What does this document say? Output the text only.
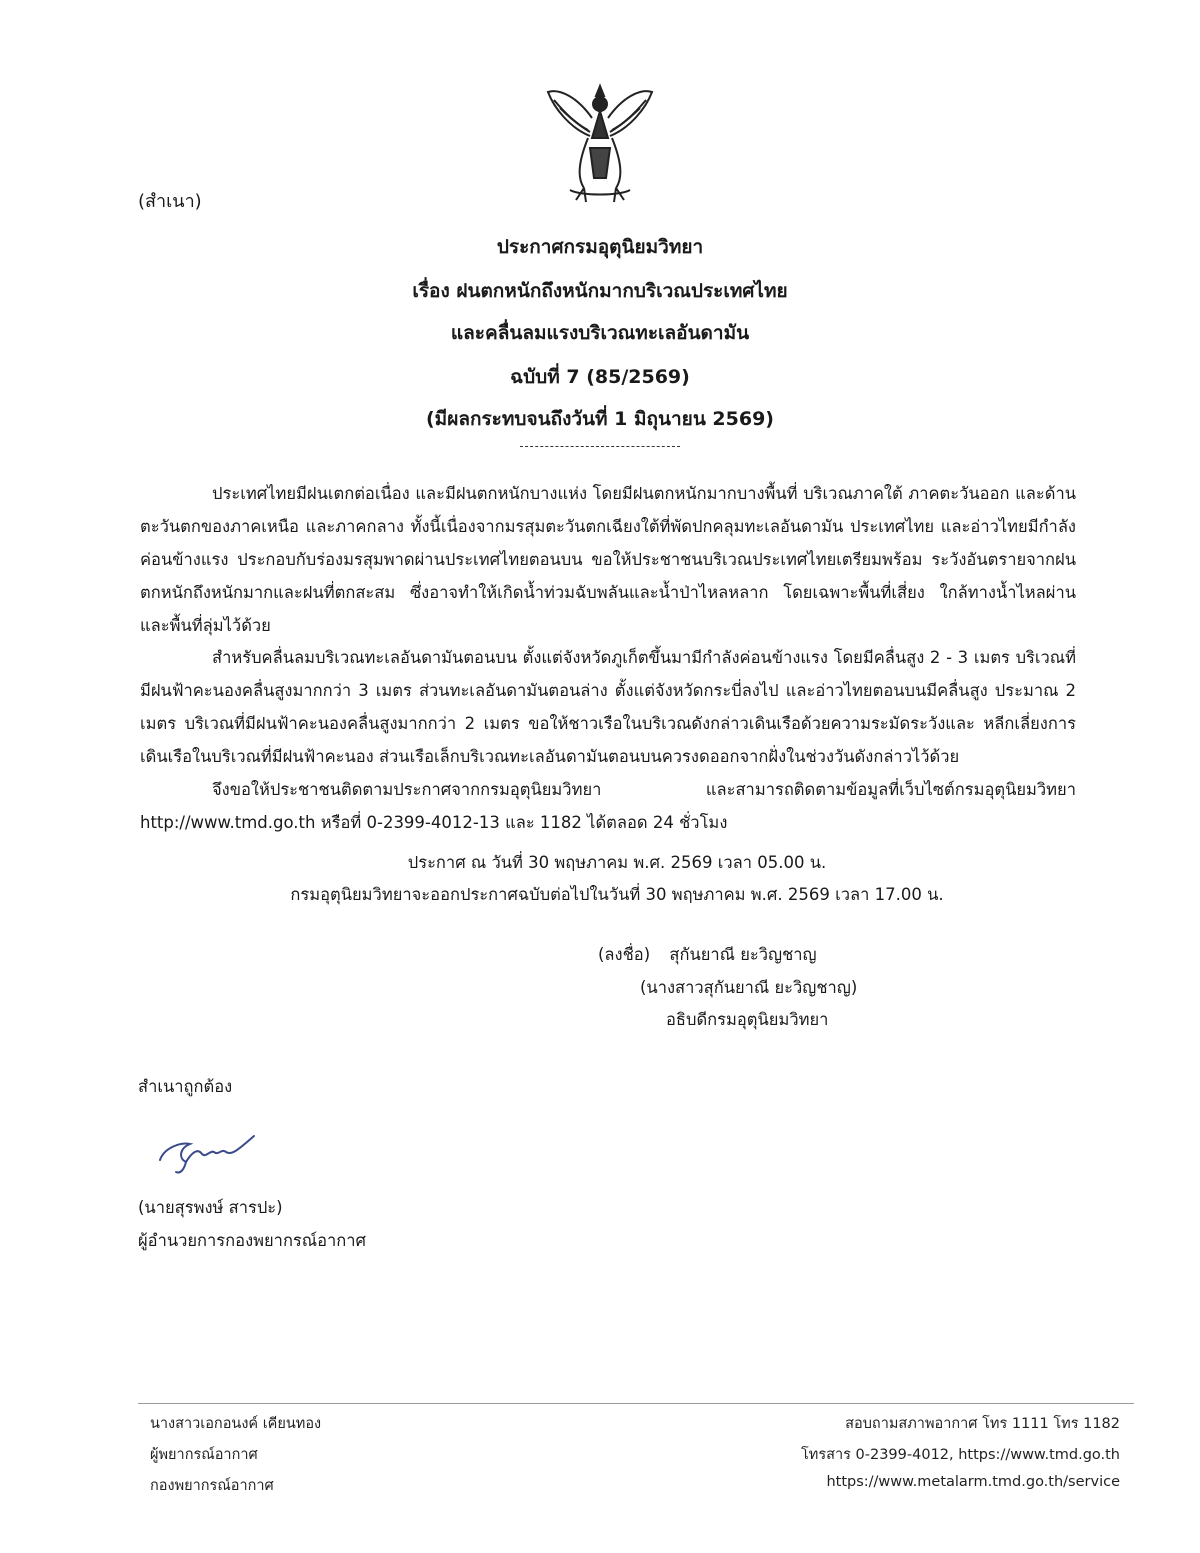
(สำเนา)
ประกาศกรมอุตุนิยมวิทยา
เรื่อง ฝนตกหนักถึงหนักมากบริเวณประเทศไทย
และคลื่นลมแรงบริเวณทะเลอันดามัน
ฉบับที่ 7 (85/2569)
(มีผลกระทบจนถึงวันที่ 1 มิถุนายน 2569)
ประเทศไทยมีฝนเตกต่อเนื่อง และมีฝนตกหนักบางแห่ง โดยมีฝนตกหนักมากบางพื้นที่ บริเวณภาคใต้ ภาคตะวันออก และด้านตะวันตกของภาคเหนือ และภาคกลาง ทั้งนี้เนื่องจากมรสุมตะวันตกเฉียงใต้ที่พัดปกคลุมทะเลอันดามัน ประเทศไทย และอ่าวไทยมีกำลังค่อนข้างแรง ประกอบกับร่องมรสุมพาดผ่านประเทศไทยตอนบน ขอให้ประชาชนบริเวณประเทศไทยเตรียมพร้อม ระวังอันตรายจากฝนตกหนักถึงหนักมากและฝนที่ตกสะสม ซึ่งอาจทำให้เกิดน้ำท่วมฉับพลันและน้ำป่าไหลหลาก โดยเฉพาะพื้นที่เสี่ยง ใกล้ทางน้ำไหลผ่านและพื้นที่ลุ่มไว้ด้วย
สำหรับคลื่นลมบริเวณทะเลอันดามันตอนบน ตั้งแต่จังหวัดภูเก็ตขึ้นมามีกำลังค่อนข้างแรง โดยมีคลื่นสูง 2 - 3 เมตร บริเวณที่มีฝนฟ้าคะนองคลื่นสูงมากกว่า 3 เมตร ส่วนทะเลอันดามันตอนล่าง ตั้งแต่จังหวัดกระบี่ลงไป และอ่าวไทยตอนบนมีคลื่นสูง ประมาณ 2 เมตร บริเวณที่มีฝนฟ้าคะนองคลื่นสูงมากกว่า 2 เมตร ขอให้ชาวเรือในบริเวณดังกล่าวเดินเรือด้วยความระมัดระวังและ หลีกเลี่ยงการเดินเรือในบริเวณที่มีฝนฟ้าคะนอง ส่วนเรือเล็กบริเวณทะเลอันดามันตอนบนควรงดออกจากฝั่งในช่วงวันดังกล่าวไว้ด้วย
จึงขอให้ประชาชนติดตามประกาศจากกรมอุตุนิยมวิทยา และสามารถติดตามข้อมูลที่เว็บไซต์กรมอุตุนิยมวิทยา http://www.tmd.go.th หรือที่ 0-2399-4012-13 และ 1182 ได้ตลอด 24 ชั่วโมง
ประกาศ ณ วันที่ 30 พฤษภาคม พ.ศ. 2569 เวลา 05.00 น.
กรมอุตุนิยมวิทยาจะออกประกาศฉบับต่อไปในวันที่ 30 พฤษภาคม พ.ศ. 2569 เวลา 17.00 น.
(ลงชื่อ) สุกันยาณี ยะวิญชาญ
(นางสาวสุกันยาณี ยะวิญชาญ)
อธิบดีกรมอุตุนิยมวิทยา
สำเนาถูกต้อง
(นายสุรพงษ์ สารปะ)
ผู้อำนวยการกองพยากรณ์อากาศ
นางสาวเอกอนงค์ เคียนทอง
ผู้พยากรณ์อากาศ
กองพยากรณ์อากาศ
สอบถามสภาพอากาศ โทร 1111 โทร 1182
โทรสาร 0-2399-4012, https://www.tmd.go.th
https://www.metalarm.tmd.go.th/service
